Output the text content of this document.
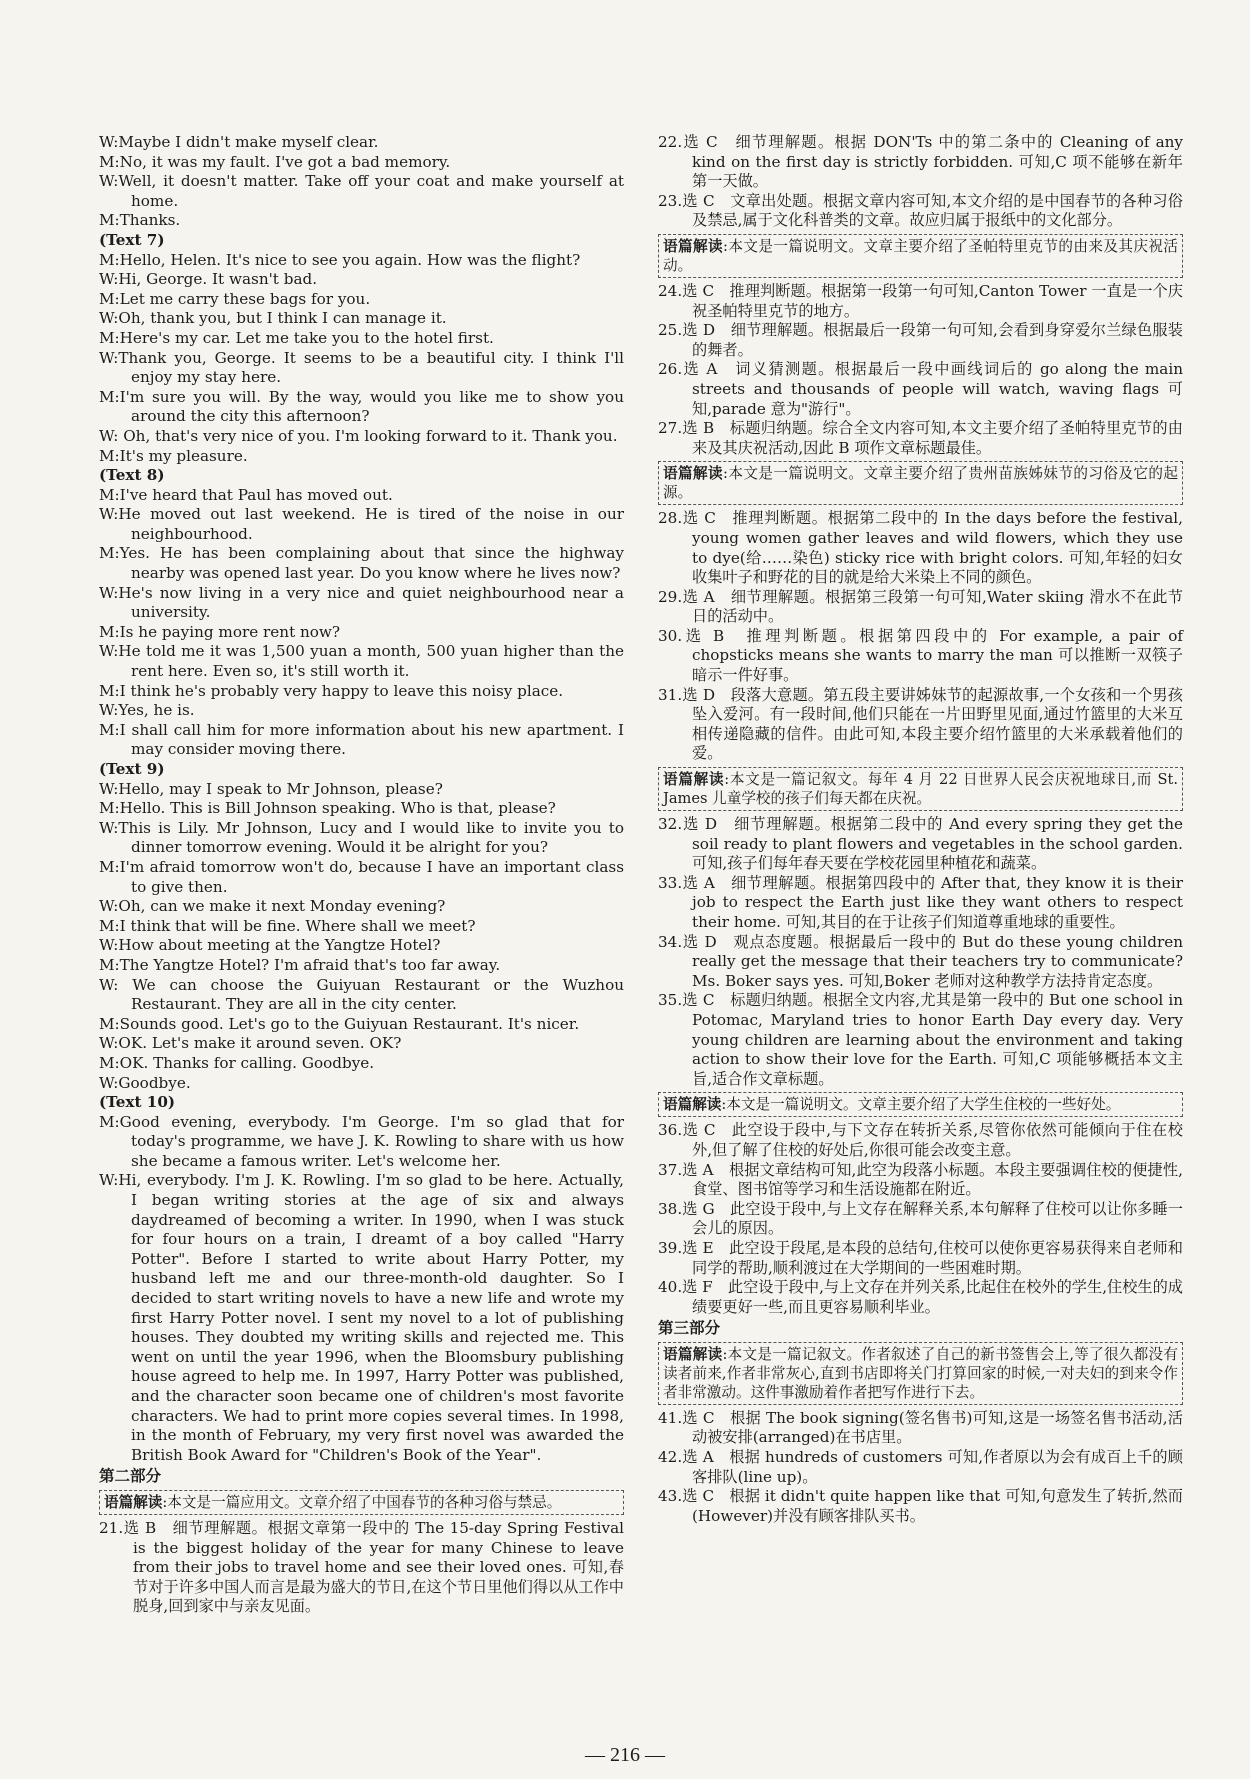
W:Maybe I didn't make myself clear.

M:No, it was my fault. I've got a bad memory.

W:Well, it doesn't matter. Take off your coat and make yourself at home.

M:Thanks.

(Text 7)

M:Hello, Helen. It's nice to see you again. How was the flight?

W:Hi, George. It wasn't bad.

M:Let me carry these bags for you.

W:Oh, thank you, but I think I can manage it.

M:Here's my car. Let me take you to the hotel first.

W:Thank you, George. It seems to be a beautiful city. I think I'll enjoy my stay here.

M:I'm sure you will. By the way, would you like me to show you around the city this afternoon?

W: Oh, that's very nice of you. I'm looking forward to it. Thank you.

M:It's my pleasure.

(Text 8)

M:I've heard that Paul has moved out.

W:He moved out last weekend. He is tired of the noise in our neighbourhood.

M:Yes. He has been complaining about that since the highway nearby was opened last year. Do you know where he lives now?

W:He's now living in a very nice and quiet neighbourhood near a university.

M:Is he paying more rent now?

W:He told me it was 1,500 yuan a month, 500 yuan higher than the rent here. Even so, it's still worth it.

M:I think he's probably very happy to leave this noisy place.

W:Yes, he is.

M:I shall call him for more information about his new apartment. I may consider moving there.

(Text 9)

W:Hello, may I speak to Mr Johnson, please?

M:Hello. This is Bill Johnson speaking. Who is that, please?

W:This is Lily. Mr Johnson, Lucy and I would like to invite you to dinner tomorrow evening. Would it be alright for you?

M:I'm afraid tomorrow won't do, because I have an important class to give then.

W:Oh, can we make it next Monday evening?

M:I think that will be fine. Where shall we meet?

W:How about meeting at the Yangtze Hotel?

M:The Yangtze Hotel? I'm afraid that's too far away.

W: We can choose the Guiyuan Restaurant or the Wuzhou Restaurant. They are all in the city center.

M:Sounds good. Let's go to the Guiyuan Restaurant. It's nicer.

W:OK. Let's make it around seven. OK?

M:OK. Thanks for calling. Goodbye.

W:Goodbye.

(Text 10)

M:Good evening, everybody. I'm George. I'm so glad that for today's programme, we have J. K. Rowling to share with us how she became a famous writer. Let's welcome her.

W:Hi, everybody. I'm J. K. Rowling. I'm so glad to be here. Actually, I began writing stories at the age of six and always daydreamed of becoming a writer. In 1990, when I was stuck for four hours on a train, I dreamt of a boy called "Harry Potter". Before I started to write about Harry Potter, my husband left me and our three-month-old daughter. So I decided to start writing novels to have a new life and wrote my first Harry Potter novel. I sent my novel to a lot of publishing houses. They doubted my writing skills and rejected me. This went on until the year 1996, when the Bloomsbury publishing house agreed to help me. In 1997, Harry Potter was published, and the character soon became one of children's most favorite characters. We had to print more copies several times. In 1998, in the month of February, my very first novel was awarded the British Book Award for "Children's Book of the Year".

第二部分
语篇解读:本文是一篇应用文。文章介绍了中国春节的各种习俗与禁忌。

21.选 B　细节理解题。根据文章第一段中的 The 15-day Spring Festival is the biggest holiday of the year for many Chinese to leave from their jobs to travel home and see their loved ones. 可知,春节对于许多中国人而言是最为盛大的节日,在这个节日里他们得以从工作中脱身,回到家中与亲友见面。

22.选 C　细节理解题。根据 DON'Ts 中的第二条中的 Cleaning of any kind on the first day is strictly forbidden. 可知,C 项不能够在新年第一天做。

23.选 C　文章出处题。根据文章内容可知,本文介绍的是中国春节的各种习俗及禁忌,属于文化科普类的文章。故应归属于报纸中的文化部分。

语篇解读:本文是一篇说明文。文章主要介绍了圣帕特里克节的由来及其庆祝活动。

24.选 C　推理判断题。根据第一段第一句可知,Canton Tower 一直是一个庆祝圣帕特里克节的地方。

25.选 D　细节理解题。根据最后一段第一句可知,会看到身穿爱尔兰绿色服装的舞者。

26.选 A　词义猜测题。根据最后一段中画线词后的 go along the main streets and thousands of people will watch, waving flags 可知,parade 意为"游行"。

27.选 B　标题归纳题。综合全文内容可知,本文主要介绍了圣帕特里克节的由来及其庆祝活动,因此 B 项作文章标题最佳。

语篇解读:本文是一篇说明文。文章主要介绍了贵州苗族姊妹节的习俗及它的起源。

28.选 C　推理判断题。根据第二段中的 In the days before the festival, young women gather leaves and wild flowers, which they use to dye(给……染色) sticky rice with bright colors. 可知,年轻的妇女收集叶子和野花的目的就是给大米染上不同的颜色。

29.选 A　细节理解题。根据第三段第一句可知,Water skiing 滑水不在此节日的活动中。

30.选 B　推理判断题。根据第四段中的 For example, a pair of chopsticks means she wants to marry the man 可以推断一双筷子暗示一件好事。

31.选 D　段落大意题。第五段主要讲姊妹节的起源故事,一个女孩和一个男孩坠入爱河。有一段时间,他们只能在一片田野里见面,通过竹篮里的大米互相传递隐藏的信件。由此可知,本段主要介绍竹篮里的大米承载着他们的爱。

语篇解读:本文是一篇记叙文。每年 4 月 22 日世界人民会庆祝地球日,而 St. James 儿童学校的孩子们每天都在庆祝。

32.选 D　细节理解题。根据第二段中的 And every spring they get the soil ready to plant flowers and vegetables in the school garden. 可知,孩子们每年春天要在学校花园里种植花和蔬菜。

33.选 A　细节理解题。根据第四段中的 After that, they know it is their job to respect the Earth just like they want others to respect their home. 可知,其目的在于让孩子们知道尊重地球的重要性。

34.选 D　观点态度题。根据最后一段中的 But do these young children really get the message that their teachers try to communicate? Ms. Boker says yes. 可知,Boker 老师对这种教学方法持肯定态度。

35.选 C　标题归纳题。根据全文内容,尤其是第一段中的 But one school in Potomac, Maryland tries to honor Earth Day every day. Very young children are learning about the environment and taking action to show their love for the Earth. 可知,C 项能够概括本文主旨,适合作文章标题。

语篇解读:本文是一篇说明文。文章主要介绍了大学生住校的一些好处。

36.选 C　此空设于段中,与下文存在转折关系,尽管你依然可能倾向于住在校外,但了解了住校的好处后,你很可能会改变主意。

37.选 A　根据文章结构可知,此空为段落小标题。本段主要强调住校的便捷性,食堂、图书馆等学习和生活设施都在附近。

38.选 G　此空设于段中,与上文存在解释关系,本句解释了住校可以让你多睡一会儿的原因。

39.选 E　此空设于段尾,是本段的总结句,住校可以使你更容易获得来自老师和同学的帮助,顺利渡过在大学期间的一些困难时期。

40.选 F　此空设于段中,与上文存在并列关系,比起住在校外的学生,住校生的成绩要更好一些,而且更容易顺利毕业。

第三部分
语篇解读:本文是一篇记叙文。作者叙述了自己的新书签售会上,等了很久都没有读者前来,作者非常灰心,直到书店即将关门打算回家的时候,一对夫妇的到来令作者非常激动。这件事激励着作者把写作进行下去。

41.选 C　根据 The book signing(签名售书)可知,这是一场签名售书活动,活动被安排(arranged)在书店里。

42.选 A　根据 hundreds of customers 可知,作者原以为会有成百上千的顾客排队(line up)。

43.选 C　根据 it didn't quite happen like that 可知,句意发生了转折,然而(However)并没有顾客排队买书。

— 216 —
